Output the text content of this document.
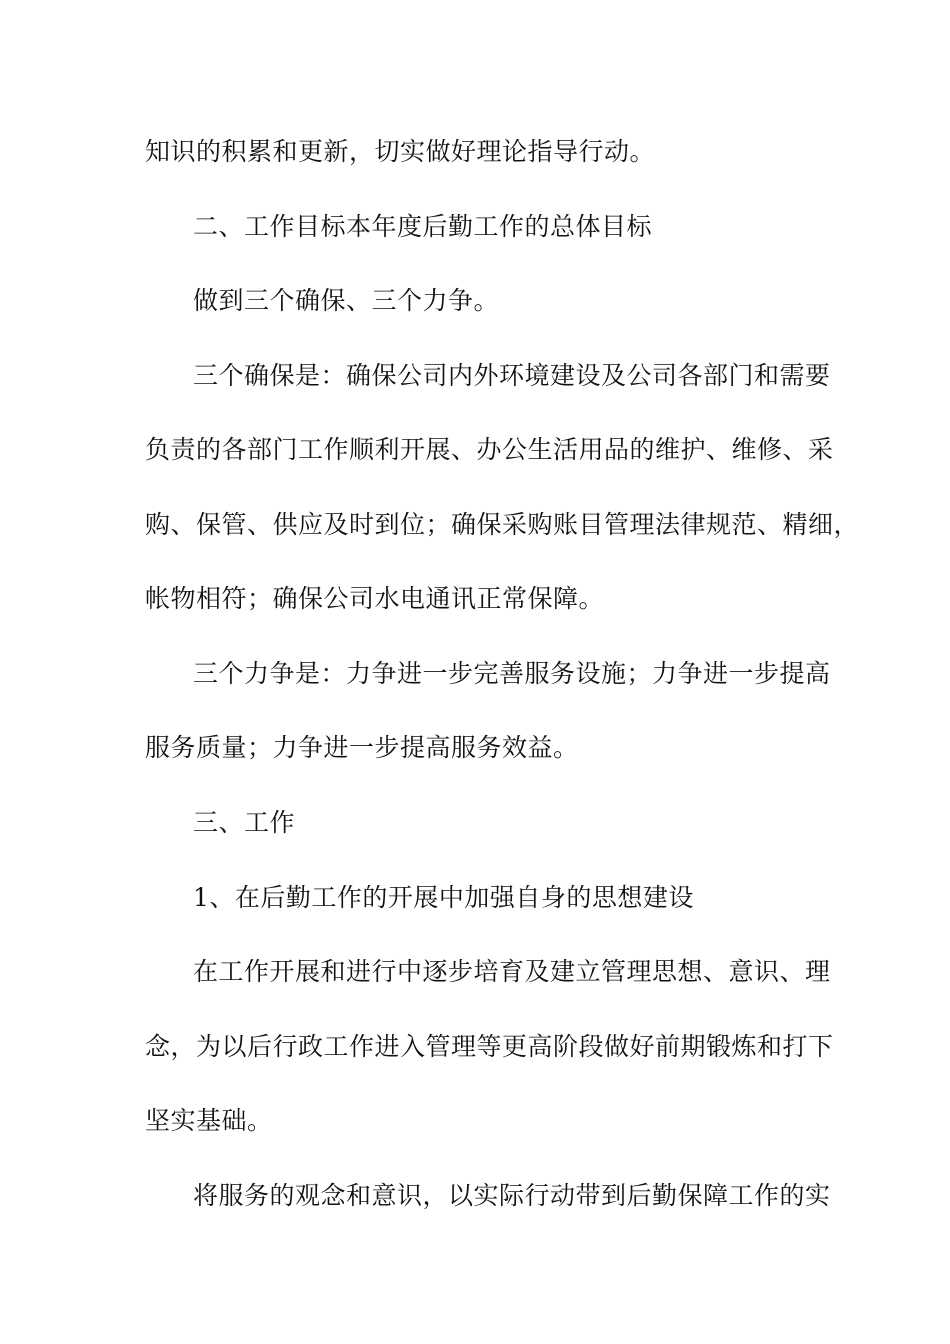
知识的积累和更新，切实做好理论指导行动。
二、工作目标本年度后勤工作的总体目标
做到三个确保、三个力争。
三个确保是：确保公司内外环境建设及公司各部门和需要
负责的各部门工作顺利开展、办公生活用品的维护、维修、采
购、保管、供应及时到位；确保采购账目管理法律规范、精细，
帐物相符；确保公司水电通讯正常保障。
三个力争是：力争进一步完善服务设施；力争进一步提高
服务质量；力争进一步提高服务效益。
三、工作
1、在后勤工作的开展中加强自身的思想建设
在工作开展和进行中逐步培育及建立管理思想、意识、理
念，为以后行政工作进入管理等更高阶段做好前期锻炼和打下
坚实基础。
将服务的观念和意识，以实际行动带到后勤保障工作的实
